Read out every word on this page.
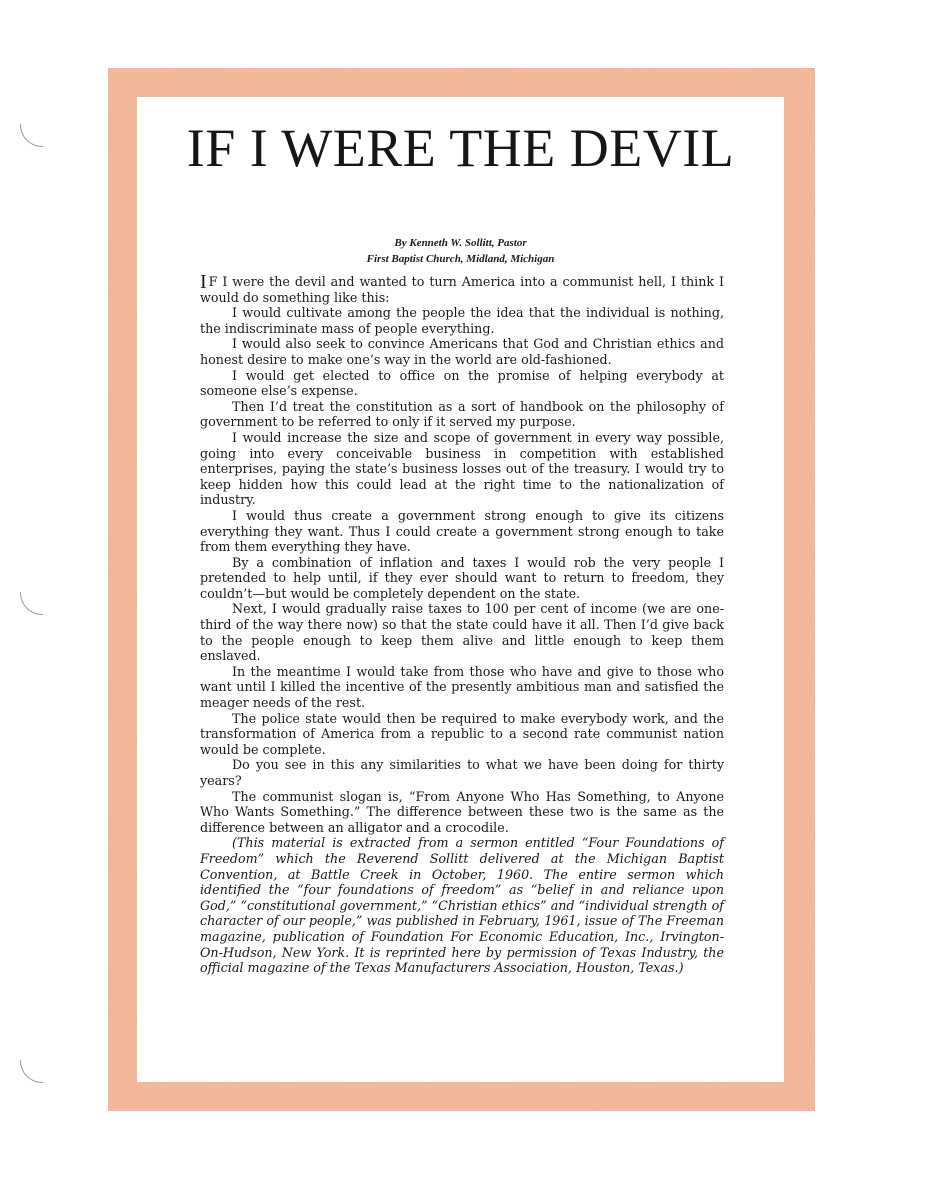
IF I WERE THE DEVIL
By Kenneth W. Sollitt, Pastor
First Baptist Church, Midland, Michigan

I F I were the devil and wanted to turn America into a communist hell, I think I would do something like this:

I would cultivate among the people the idea that the individual is nothing, the indiscriminate mass of people everything.

I would also seek to convince Americans that God and Christian ethics and honest desire to make one’s way in the world are old-fashioned.

I would get elected to office on the promise of helping everybody at someone else’s expense.

Then I’d treat the constitution as a sort of handbook on the philosophy of government to be referred to only if it served my purpose.

I would increase the size and scope of government in every way possible, going into every conceivable business in competition with established enterprises, paying the state’s business losses out of the treasury. I would try to keep hidden how this could lead at the right time to the nationalization of industry.

I would thus create a government strong enough to give its citizens everything they want. Thus I could create a government strong enough to take from them everything they have.

By a combination of inflation and taxes I would rob the very people I pretended to help until, if they ever should want to return to freedom, they couldn’t—but would be completely dependent on the state.

Next, I would gradually raise taxes to 100 per cent of income (we are one-third of the way there now) so that the state could have it all. Then I’d give back to the people enough to keep them alive and little enough to keep them enslaved.

In the meantime I would take from those who have and give to those who want until I killed the incentive of the presently ambitious man and satisfied the meager needs of the rest.

The police state would then be required to make everybody work, and the transformation of America from a republic to a second rate communist nation would be complete.

Do you see in this any similarities to what we have been doing for thirty years?

The communist slogan is, “From Anyone Who Has Something, to Anyone Who Wants Something.” The difference between these two is the same as the difference between an alligator and a crocodile.

(This material is extracted from a sermon entitled “Four Foundations of Freedom” which the Reverend Sollitt delivered at the Michigan Baptist Convention, at Battle Creek in October, 1960. The entire sermon which identified the “four foundations of freedom” as “belief in and reliance upon God,” “constitutional government,” “Christian ethics” and “individual strength of character of our people,” was published in February, 1961, issue of The Freeman magazine, publication of Foundation For Economic Education, Inc., Irvington-On-Hudson, New York. It is reprinted here by permission of Texas Industry, the official magazine of the Texas Manufacturers Association, Houston, Texas.)
